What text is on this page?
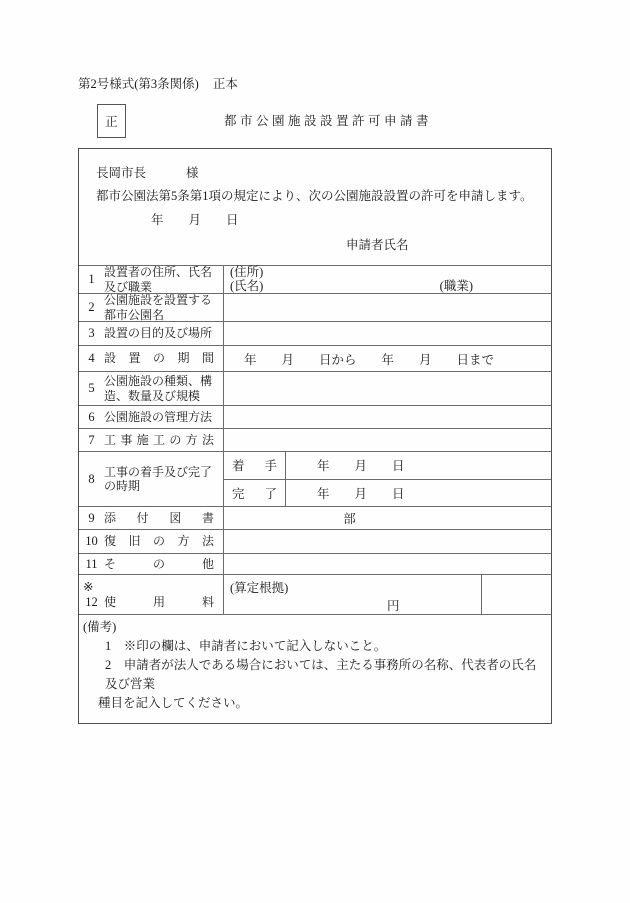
第2号様式(第3条関係) 正本
正	都市公園施設設置許可申請書
長岡市長	様
都市公園法第5条第1項の規定により、次の公園施設設置の許可を申請します。
年　　月　　日
申請者氏名
1 設置者の住所、氏名及び職業
(住所)
(氏名)	(職業)
2 公園施設を設置する都市公園名
3 設置の目的及び場所
4 設置の期間	年　　月　　日から　　年　　月　　日まで
5 公園施設の種類、構造、数量及び規模
6 公園施設の管理方法
7 工事施工の方法
8 工事の着手及び完了の時期
着手	年　　月　　日
完了	年　　月　　日
9 添付図書	部
10 復旧の方法
11 その他
※
12 使用料
(算定根拠)
円
(備考)
1　※印の欄は、申請者において記入しないこと。
2　申請者が法人である場合においては、主たる事務所の名称、代表者の氏名及び営業
種目を記入してください。
